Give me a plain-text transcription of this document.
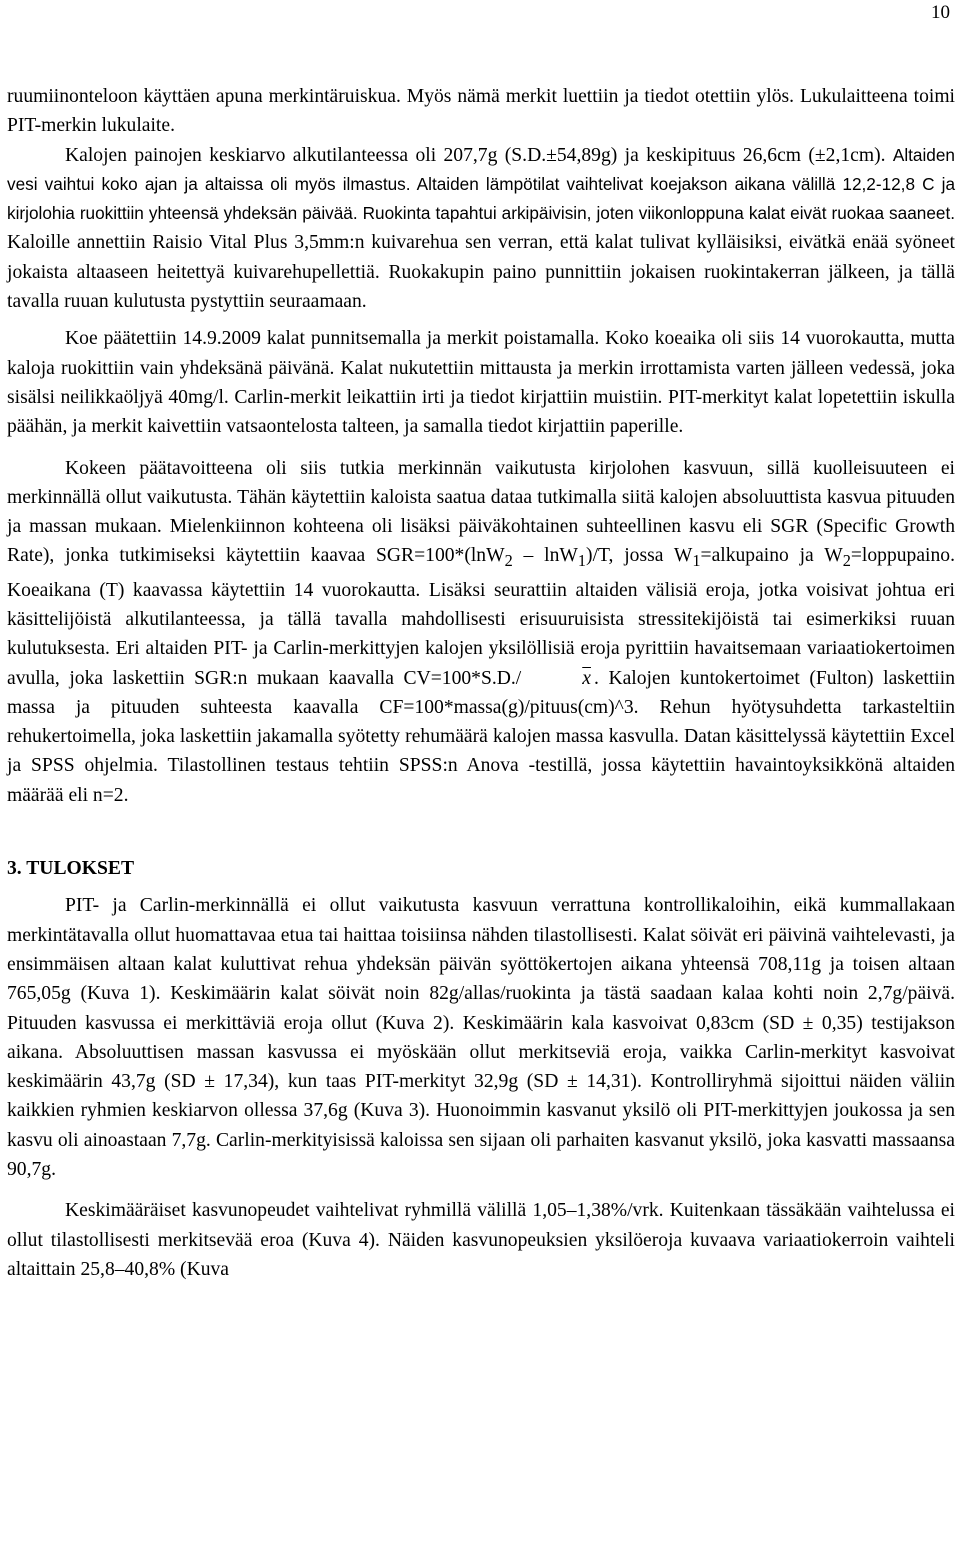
10

ruumiinonteloon käyttäen apuna merkintäruiskua. Myös nämä merkit luettiin ja tiedot otettiin ylös. Lukulaitteena toimi PIT-merkin lukulaite.

Kalojen painojen keskiarvo alkutilanteessa oli 207,7g (S.D.±54,89g) ja keskipituus 26,6cm (±2,1cm). Altaiden vesi vaihtui koko ajan ja altaissa oli myös ilmastus. Altaiden lämpötilat vaihtelivat koejakson aikana välillä 12,2-12,8 C ja kirjolohia ruokittiin yhteensä yhdeksän päivää. Ruokinta tapahtui arkipäivisin, joten viikonloppuna kalat eivät ruokaa saaneet. Kaloille annettiin Raisio Vital Plus 3,5mm:n kuivarehua sen verran, että kalat tulivat kylläisiksi, eivätkä enää syöneet jokaista altaaseen heitettyä kuivarehupellettiä. Ruokakupin paino punnittiin jokaisen ruokintakerran jälkeen, ja tällä tavalla ruuan kulutusta pystyttiin seuraamaan.

Koe päätettiin 14.9.2009 kalat punnitsemalla ja merkit poistamalla. Koko koeaika oli siis 14 vuorokautta, mutta kaloja ruokittiin vain yhdeksänä päivänä. Kalat nukutettiin mittausta ja merkin irrottamista varten jälleen vedessä, joka sisälsi neilikkaöljyä 40mg/l. Carlin-merkit leikattiin irti ja tiedot kirjattiin muistiin. PIT-merkityt kalat lopetettiin iskulla päähän, ja merkit kaivettiin vatsaontelosta talteen, ja samalla tiedot kirjattiin paperille.

Kokeen päätavoitteena oli siis tutkia merkinnän vaikutusta kirjolohen kasvuun, sillä kuolleisuuteen ei merkinnällä ollut vaikutusta. Tähän käytettiin kaloista saatua dataa tutkimalla siitä kalojen absoluuttista kasvua pituuden ja massan mukaan. Mielenkiinnon kohteena oli lisäksi päiväkohtainen suhteellinen kasvu eli SGR (Specific Growth Rate), jonka tutkimiseksi käytettiin kaavaa SGR=100*(lnW$_2$ – lnW$_1$)/T, jossa $W_1=alkupaino$ ja $W_2=loppupaino$. Koeaikana (T) kaavassa käytettiin 14 vuorokautta. Lisäksi seurattiin altaiden välisiä eroja, jotka voisivat johtua eri käsittelijöistä alkutilanteessa, ja tällä tavalla mahdollisesti erisuuruisista stressitekijöistä tai esimerkiksi ruuan kulutuksesta. Eri altaiden PIT- ja Carlin-merkittyjen kalojen yksilöllisiä eroja pyrittiin havaitsemaan variaatiokertoimen avulla, joka laskettiin SGR:n mukaan kaavalla CV=100*S.D./	$\overline{x}$ . Kalojen kuntokertoimet (Fulton) laskettiin massa ja pituuden suhteesta kaavalla CF=100*massa(g)/pituus(cm)^3. Rehun hyötysuhdetta tarkasteltiin rehukertoimella, joka laskettiin jakamalla syötetty rehumäärä kalojen massa kasvulla. Datan käsittelyssä käytettiin Excel ja SPSS ohjelmia. Tilastollinen testaus tehtiin SPSS:n Anova -testillä, jossa käytettiin havaintoyksikkönä altaiden määrää eli n=2.

3. TULOKSET

PIT- ja Carlin-merkinnällä ei ollut vaikutusta kasvuun verrattuna kontrollikaloihin, eikä kummallakaan merkintätavalla ollut huomattavaa etua tai haittaa toisiinsa nähden tilastollisesti. Kalat söivät eri päivinä vaihtelevasti, ja ensimmäisen altaan kalat kuluttivat rehua yhdeksän päivän syöttökertojen aikana yhteensä 708,11g ja toisen altaan 765,05g (Kuva 1). Keskimäärin kalat söivät noin 82g/allas/ruokinta ja tästä saadaan kalaa kohti noin 2,7g/päivä. Pituuden kasvussa ei merkittäviä eroja ollut (Kuva 2). Keskimäärin kala kasvoivat 0,83cm (SD ± 0,35) testijakson aikana. Absoluuttisen massan kasvussa ei myöskään ollut merkitseviä eroja, vaikka Carlin-merkityt kasvoivat keskimäärin 43,7g (SD ± 17,34), kun taas PIT-merkityt 32,9g (SD ± 14,31). Kontrolliryhmä sijoittui näiden väliin kaikkien ryhmien keskiarvon ollessa 37,6g (Kuva 3). Huonoimmin kasvanut yksilö oli PIT-merkittyjen joukossa ja sen kasvu oli ainoastaan 7,7g. Carlin-merkityisissä kaloissa sen sijaan oli parhaiten kasvanut yksilö, joka kasvatti massaansa 90,7g.

Keskimääräiset kasvunopeudet vaihtelivat ryhmillä välillä 1,05–1,38%/vrk. Kuitenkaan tässäkään vaihtelussa ei ollut tilastollisesti merkitsevää eroa (Kuva 4). Näiden kasvunopeuksien yksilöeroja kuvaava variaatiokerroin vaihteli altaittain 25,8–40,8% (Kuva
